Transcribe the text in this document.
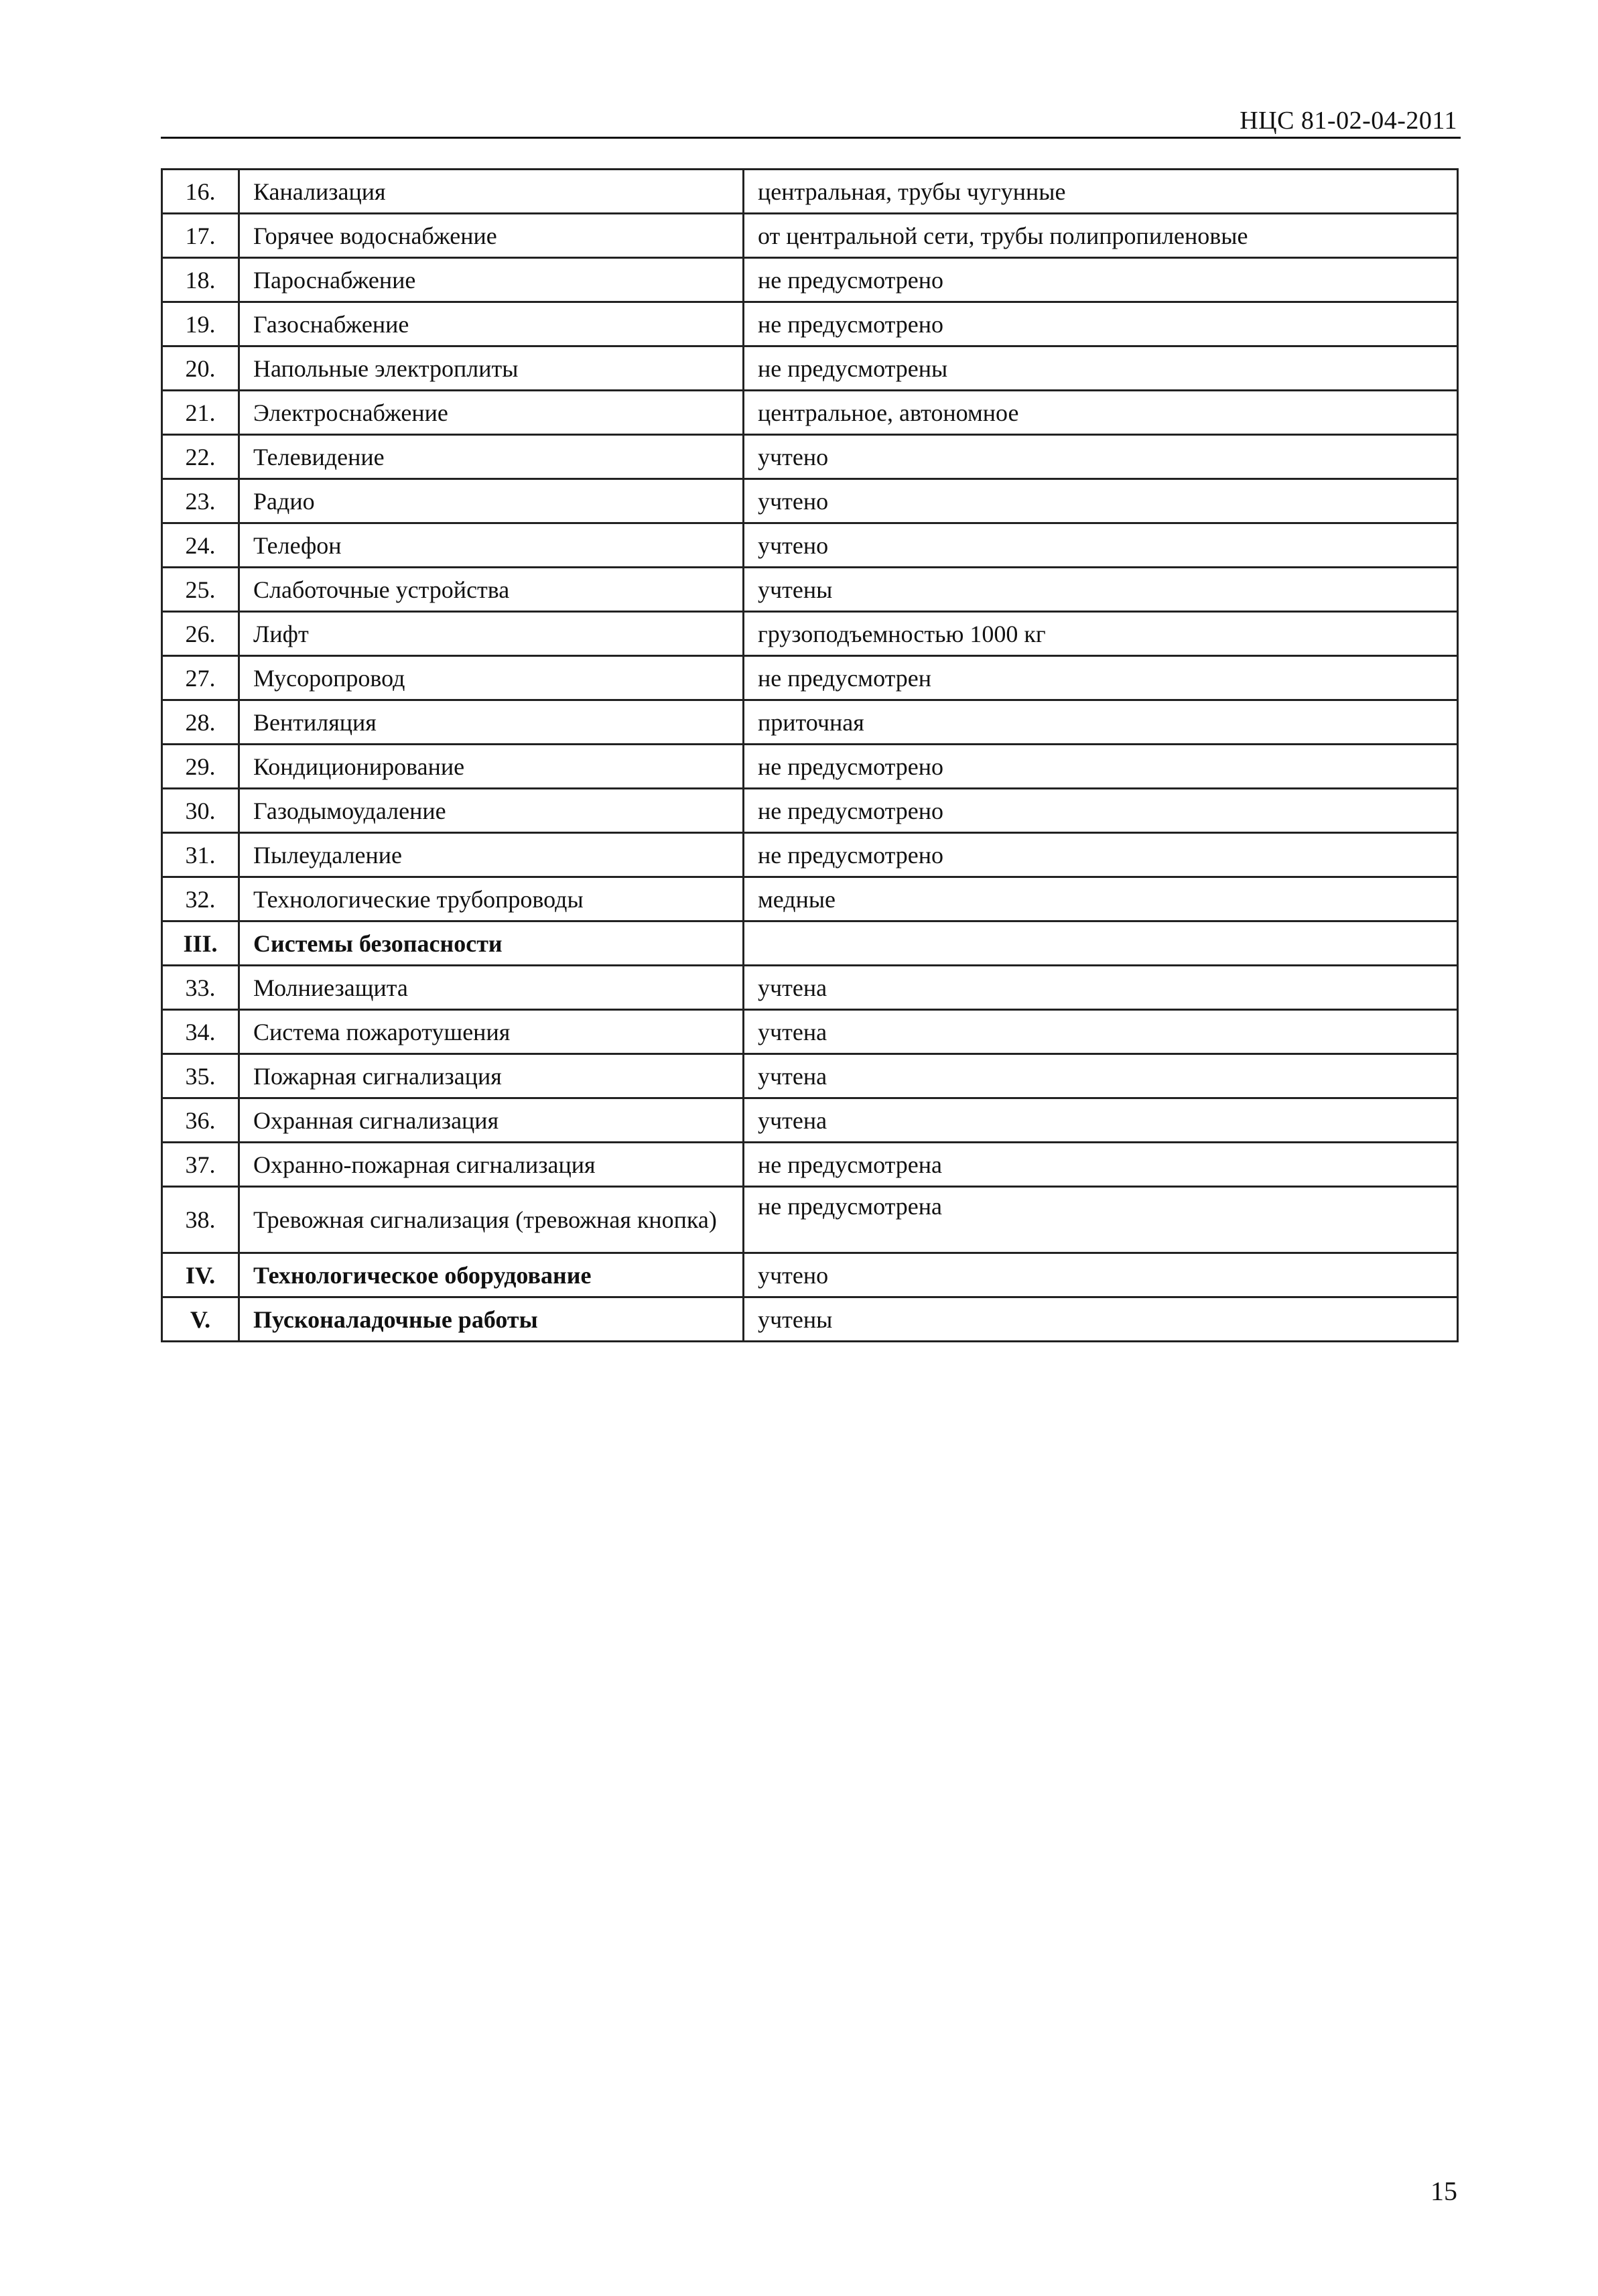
НЦС 81-02-04-2011
16.	Канализация	центральная, трубы чугунные
17.	Горячее водоснабжение	от центральной сети, трубы полипропиленовые
18.	Пароснабжение	не предусмотрено
19.	Газоснабжение	не предусмотрено
20.	Напольные электроплиты	не предусмотрены
21.	Электроснабжение	центральное, автономное
22.	Телевидение	учтено
23.	Радио	учтено
24.	Телефон	учтено
25.	Слаботочные устройства	учтены
26.	Лифт	грузоподъемностью 1000 кг
27.	Мусоропровод	не предусмотрен
28.	Вентиляция	приточная
29.	Кондиционирование	не предусмотрено
30.	Газодымоудаление	не предусмотрено
31.	Пылеудаление	не предусмотрено
32.	Технологические трубопроводы	медные
III.	Системы безопасности	
33.	Молниезащита	учтена
34.	Система пожаротушения	учтена
35.	Пожарная сигнализация	учтена
36.	Охранная сигнализация	учтена
37.	Охранно-пожарная сигнализация	не предусмотрена
38.	Тревожная сигнализация (тревожная кнопка)	не предусмотрена
IV.	Технологическое оборудование	учтено
V.	Пусконаладочные работы	учтены
15
